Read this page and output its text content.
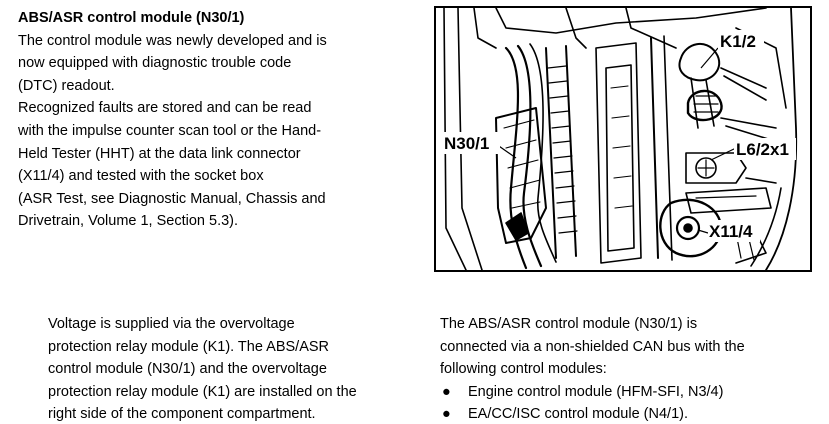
ABS/ASR control module (N30/1)
The control module was newly developed and is
now equipped with diagnostic trouble code
(DTC) readout.
Recognized faults are stored and can be read
with the impulse counter scan tool or the Hand-
Held Tester (HHT) at the data link connector
(X11/4) and tested with the socket box
(ASR Test, see Diagnostic Manual, Chassis and
Drivetrain, Volume 1, Section 5.3).
K1/2
N30/1	L6/2x1
X11/4
Voltage is supplied via the overvoltage
protection relay module (K1). The ABS/ASR
control module (N30/1) and the overvoltage
protection relay module (K1) are installed on the
right side of the component compartment.
The ABS/ASR control module (N30/1) is
connected via a non-shielded CAN bus with the
following control modules:
● Engine control module (HFM-SFI, N3/4)
● EA/CC/ISC control module (N4/1).
